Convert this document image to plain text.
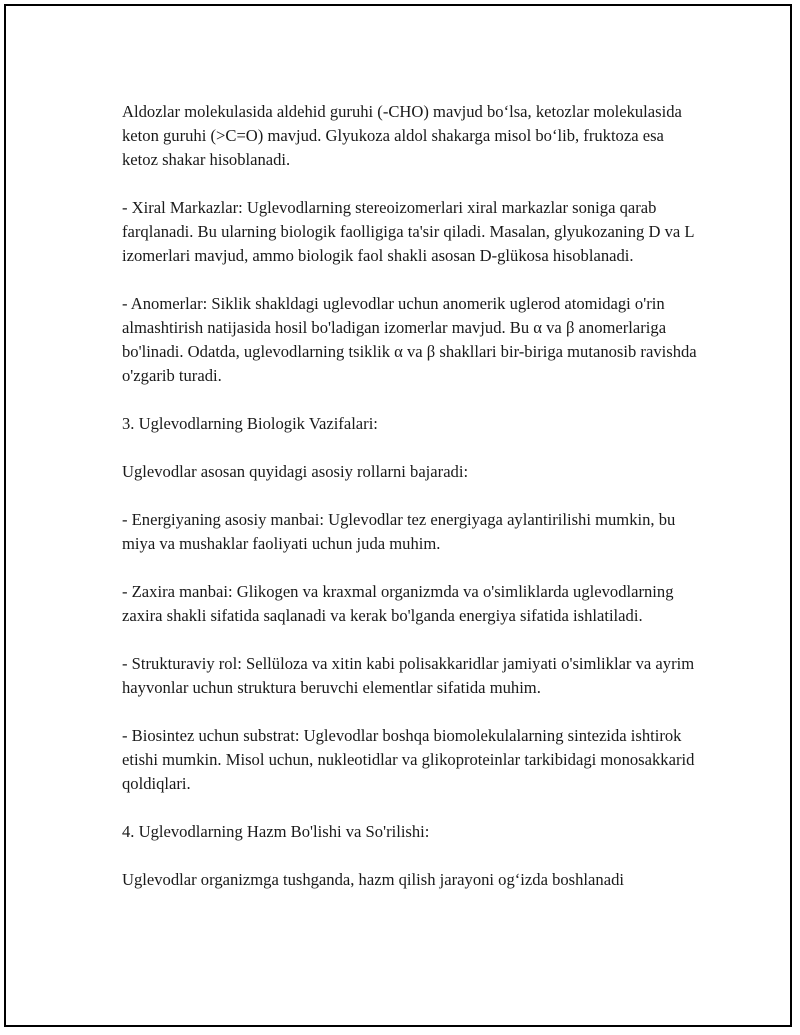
Aldozlar molekulasida aldehid guruhi (-CHO) mavjud bo‘lsa, ketozlar molekulasida keton guruhi (>C=O) mavjud. Glyukoza aldol shakarga misol bo‘lib, fruktoza esa ketoz shakar hisoblanadi.

- Xiral Markazlar: Uglevodlarning stereoizomerlari xiral markazlar soniga qarab farqlanadi. Bu ularning biologik faolligiga ta'sir qiladi. Masalan, glyukozaning D va L izomerlari mavjud, ammo biologik faol shakli asosan D-glükosa hisoblanadi.

- Anomerlar: Siklik shakldagi uglevodlar uchun anomerik uglerod atomidagi o'rin almashtirish natijasida hosil bo'ladigan izomerlar mavjud. Bu α va β anomerlariga bo'linadi. Odatda, uglevodlarning tsiklik α va β shakllari bir-biriga mutanosib ravishda o'zgarib turadi.

3. Uglevodlarning Biologik Vazifalari:

Uglevodlar asosan quyidagi asosiy rollarni bajaradi:

- Energiyaning asosiy manbai: Uglevodlar tez energiyaga aylantirilishi mumkin, bu miya va mushaklar faoliyati uchun juda muhim.

- Zaxira manbai: Glikogen va kraxmal organizmda va o'simliklarda uglevodlarning zaxira shakli sifatida saqlanadi va kerak bo'lganda energiya sifatida ishlatiladi.

- Strukturaviy rol: Sellüloza va xitin kabi polisakkaridlar jamiyati o'simliklar va ayrim hayvonlar uchun struktura beruvchi elementlar sifatida muhim.

- Biosintez uchun substrat: Uglevodlar boshqa biomolekulalarning sintezida ishtirok etishi mumkin. Misol uchun, nukleotidlar va glikoproteinlar tarkibidagi monosakkarid qoldiqlari.

4. Uglevodlarning Hazm Bo'lishi va So'rilishi:

Uglevodlar organizmga tushganda, hazm qilish jarayoni og‘izda boshlanadi
